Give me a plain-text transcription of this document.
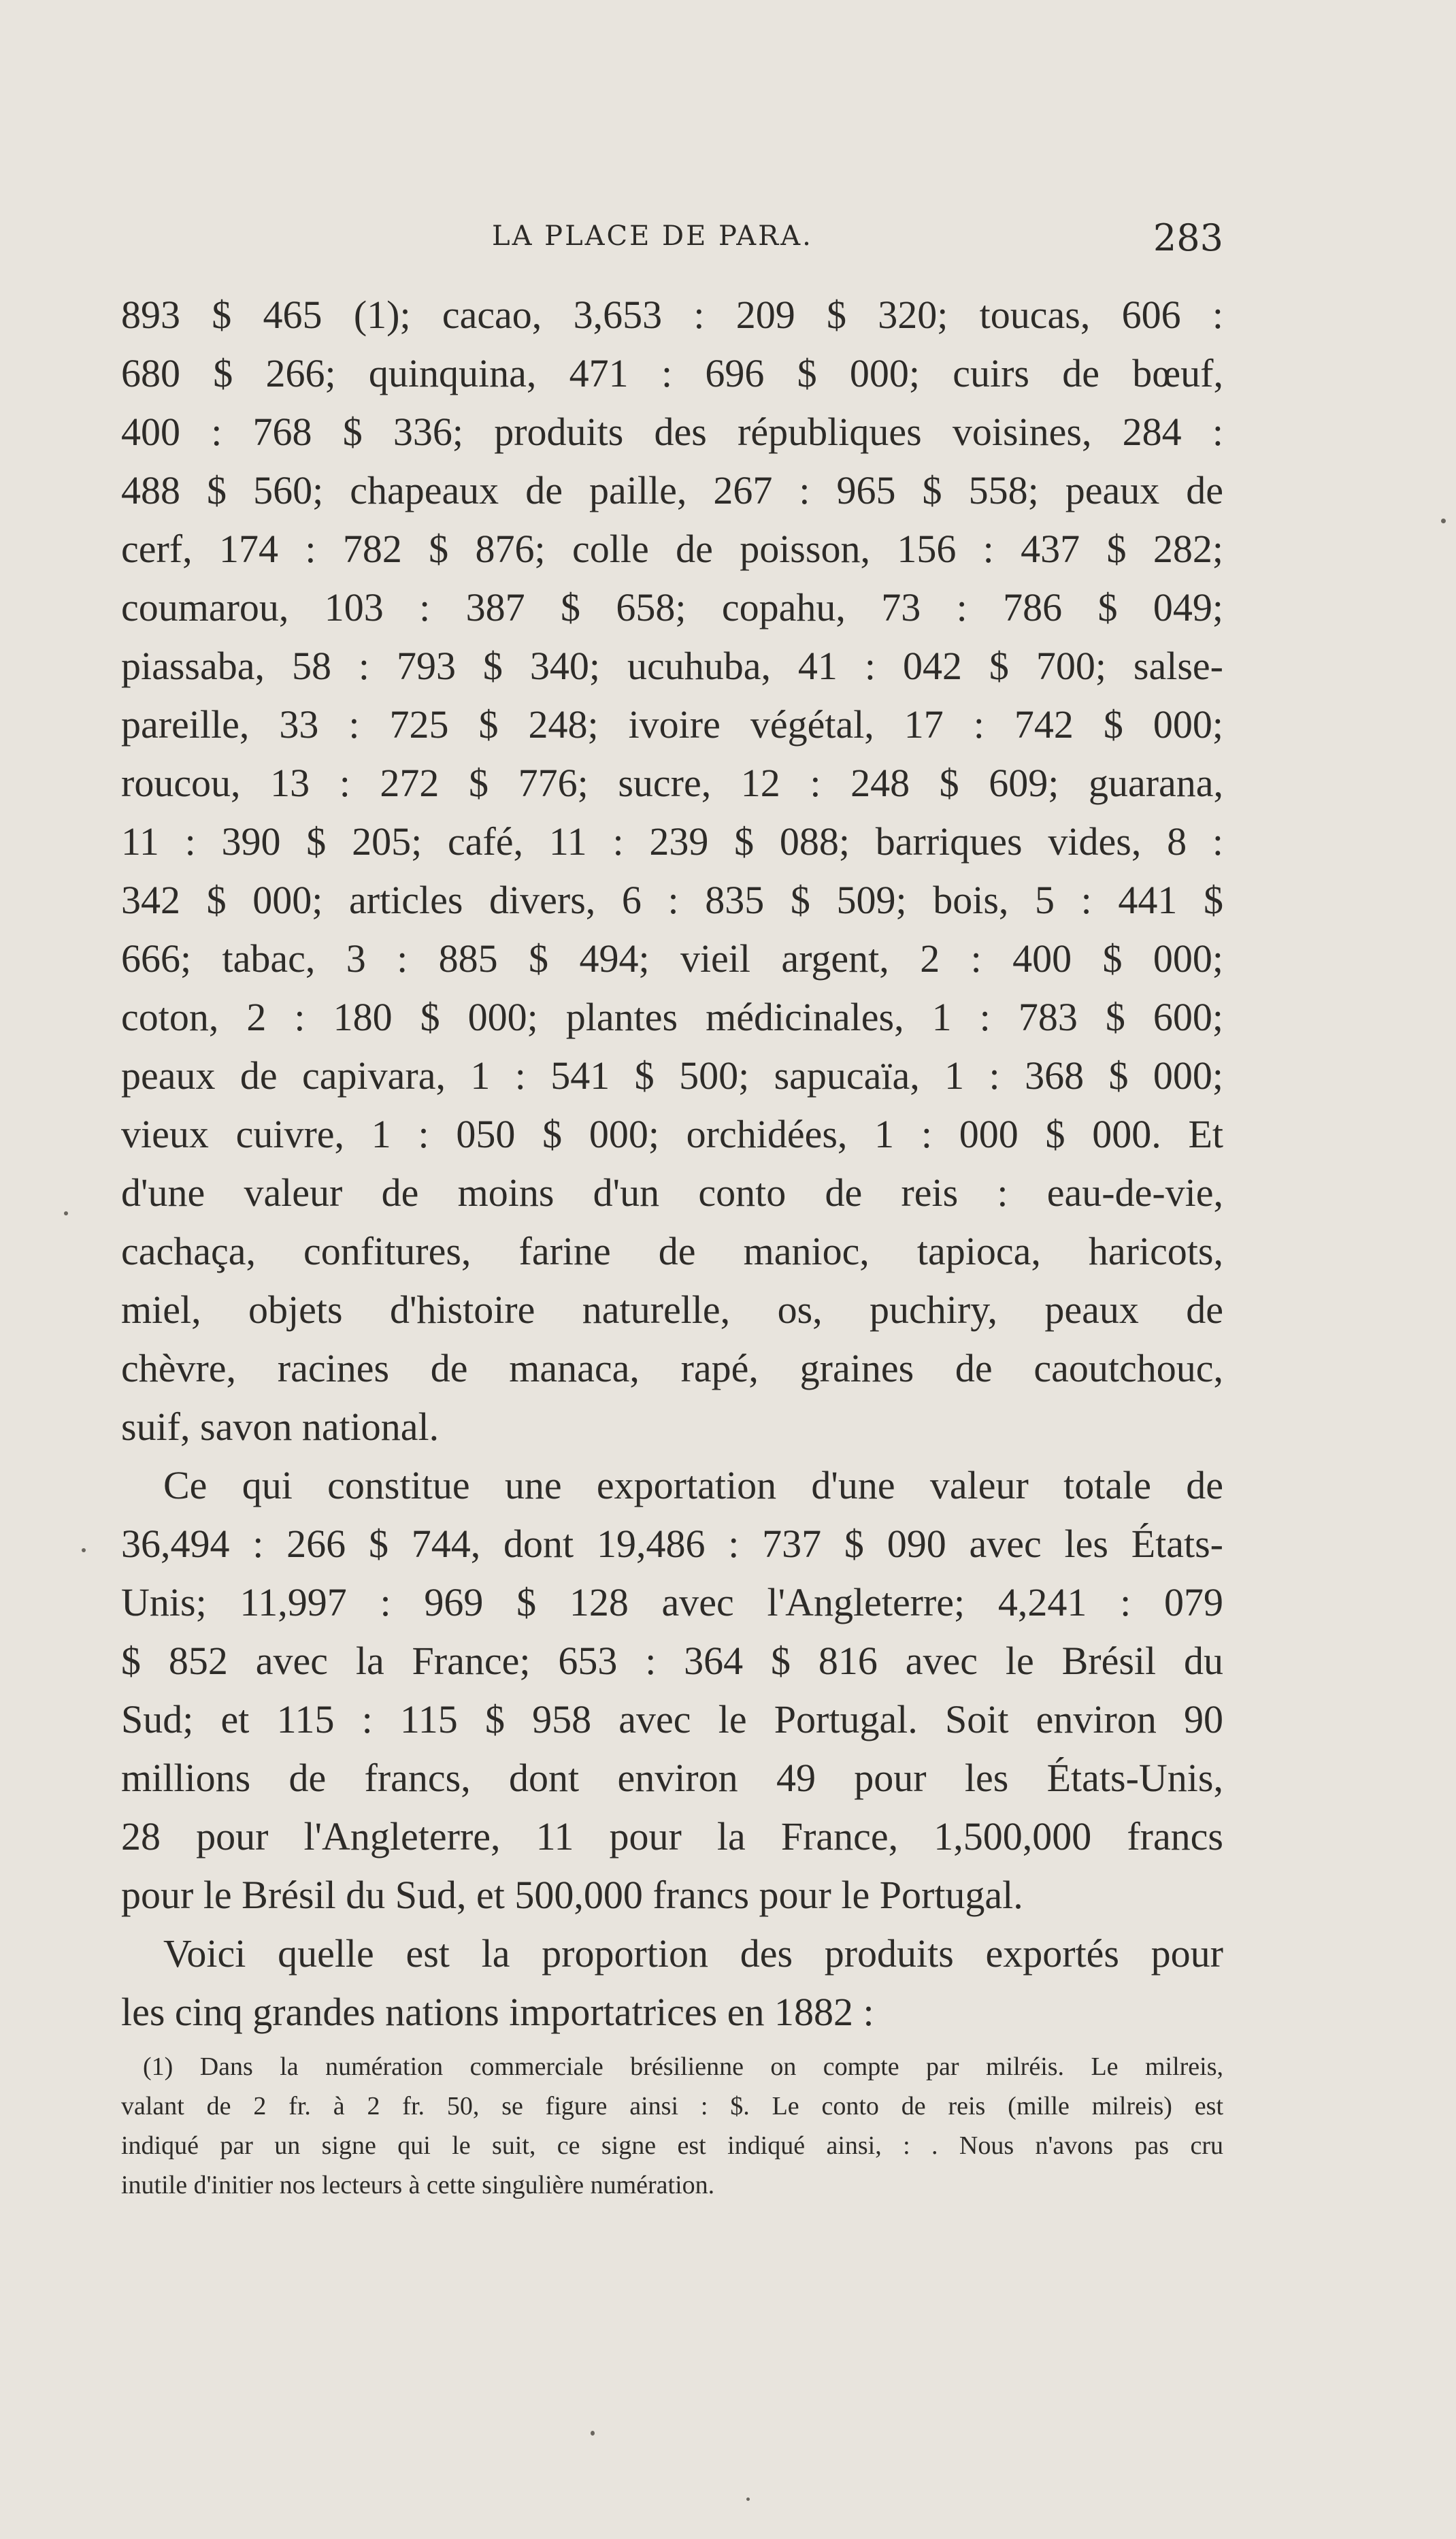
LA PLACE DE PARA.	283
893 $ 465 (1); cacao, 3,653 : 209 $ 320; toucas, 606 :
680 $ 266; quinquina, 471 : 696 $ 000; cuirs de bœuf,
400 : 768 $ 336; produits des républiques voisines, 284 :
488 $ 560; chapeaux de paille, 267 : 965 $ 558; peaux de
cerf, 174 : 782 $ 876; colle de poisson, 156 : 437 $ 282;
coumarou, 103 : 387 $ 658; copahu, 73 : 786 $ 049;
piassaba, 58 : 793 $ 340; ucuhuba, 41 : 042 $ 700; salse-
pareille, 33 : 725 $ 248; ivoire végétal, 17 : 742 $ 000;
roucou, 13 : 272 $ 776; sucre, 12 : 248 $ 609; guarana,
11 : 390 $ 205; café, 11 : 239 $ 088; barriques vides, 8 :
342 $ 000; articles divers, 6 : 835 $ 509; bois, 5 : 441 $
666; tabac, 3 : 885 $ 494; vieil argent, 2 : 400 $ 000;
coton, 2 : 180 $ 000; plantes médicinales, 1 : 783 $ 600;
peaux de capivara, 1 : 541 $ 500; sapucaïa, 1 : 368 $ 000;
vieux cuivre, 1 : 050 $ 000; orchidées, 1 : 000 $ 000. Et
d'une valeur de moins d'un conto de reis : eau-de-vie,
cachaça, confitures, farine de manioc, tapioca, haricots,
miel, objets d'histoire naturelle, os, puchiry, peaux de
chèvre, racines de manaca, rapé, graines de caoutchouc,
suif, savon national.
Ce qui constitue une exportation d'une valeur totale de
36,494 : 266 $ 744, dont 19,486 : 737 $ 090 avec les États-
Unis; 11,997 : 969 $ 128 avec l'Angleterre; 4,241 : 079
$ 852 avec la France; 653 : 364 $ 816 avec le Brésil du
Sud; et 115 : 115 $ 958 avec le Portugal. Soit environ 90
millions de francs, dont environ 49 pour les États-Unis,
28 pour l'Angleterre, 11 pour la France, 1,500,000 francs
pour le Brésil du Sud, et 500,000 francs pour le Portugal.
Voici quelle est la proportion des produits exportés pour
les cinq grandes nations importatrices en 1882 :
(1) Dans la numération commerciale brésilienne on compte par milréis. Le milreis,
valant de 2 fr. à 2 fr. 50, se figure ainsi : $. Le conto de reis (mille milreis) est
indiqué par un signe qui le suit, ce signe est indiqué ainsi, : . Nous n'avons pas cru
inutile d'initier nos lecteurs à cette singulière numération.
